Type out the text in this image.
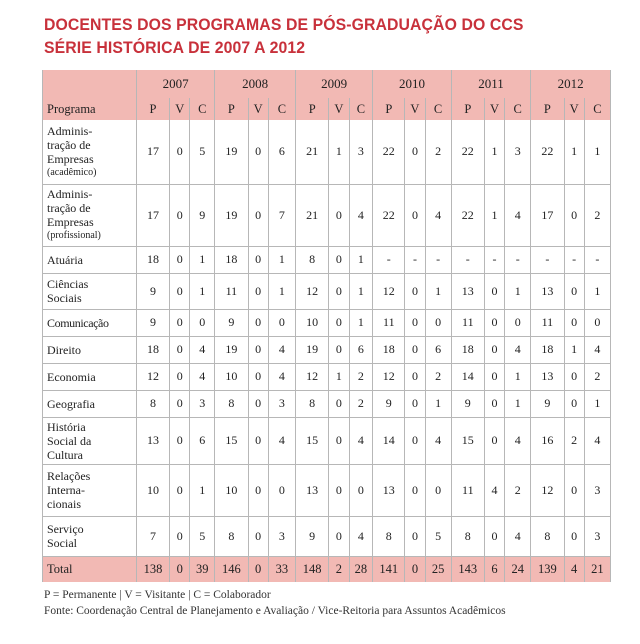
DOCENTES DOS PROGRAMAS DE PÓS-GRADUAÇÃO DO CCS
SÉRIE HISTÓRICA DE 2007 A 2012
	2007			2008			2009			2010			2011			2012		
Programa	P	V	C	P	V	C	P	V	C	P	V	C	P	V	C	P	V	C

Adminis-
tração de
Empresas
(acadêmico)	17	0	5	19	0	6	21	1	3	22	0	2	22	1	3	22	1	1

Adminis-
tração de
Empresas
(profissional)	17	0	9	19	0	7	21	0	4	22	0	4	22	1	4	17	0	2

Atuária	18	0	1	18	0	1	8	0	1	-	-	-	-	-	-	-	-	-

Ciências
Sociais	9	0	1	11	0	1	12	0	1	12	0	1	13	0	1	13	0	1

Comunicação	9	0	0	9	0	0	10	0	1	11	0	0	11	0	0	11	0	0

Direito	18	0	4	19	0	4	19	0	6	18	0	6	18	0	4	18	1	4

Economia	12	0	4	10	0	4	12	1	2	12	0	2	14	0	1	13	0	2

Geografia	8	0	3	8	0	3	8	0	2	9	0	1	9	0	1	9	0	1

História
Social da
Cultura	13	0	6	15	0	4	15	0	4	14	0	4	15	0	4	16	2	4

Relações
Interna-
cionais	10	0	1	10	0	0	13	0	0	13	0	0	11	4	2	12	0	3

Serviço
Social	7	0	5	8	0	3	9	0	4	8	0	5	8	0	4	8	0	3
Total	138	0	39	146	0	33	148	2	28	141	0	25	143	6	24	139	4	21
P = Permanente | V = Visitante | C = Colaborador
Fonte: Coordenação Central de Planejamento e Avaliação / Vice-Reitoria para Assuntos Acadêmicos
